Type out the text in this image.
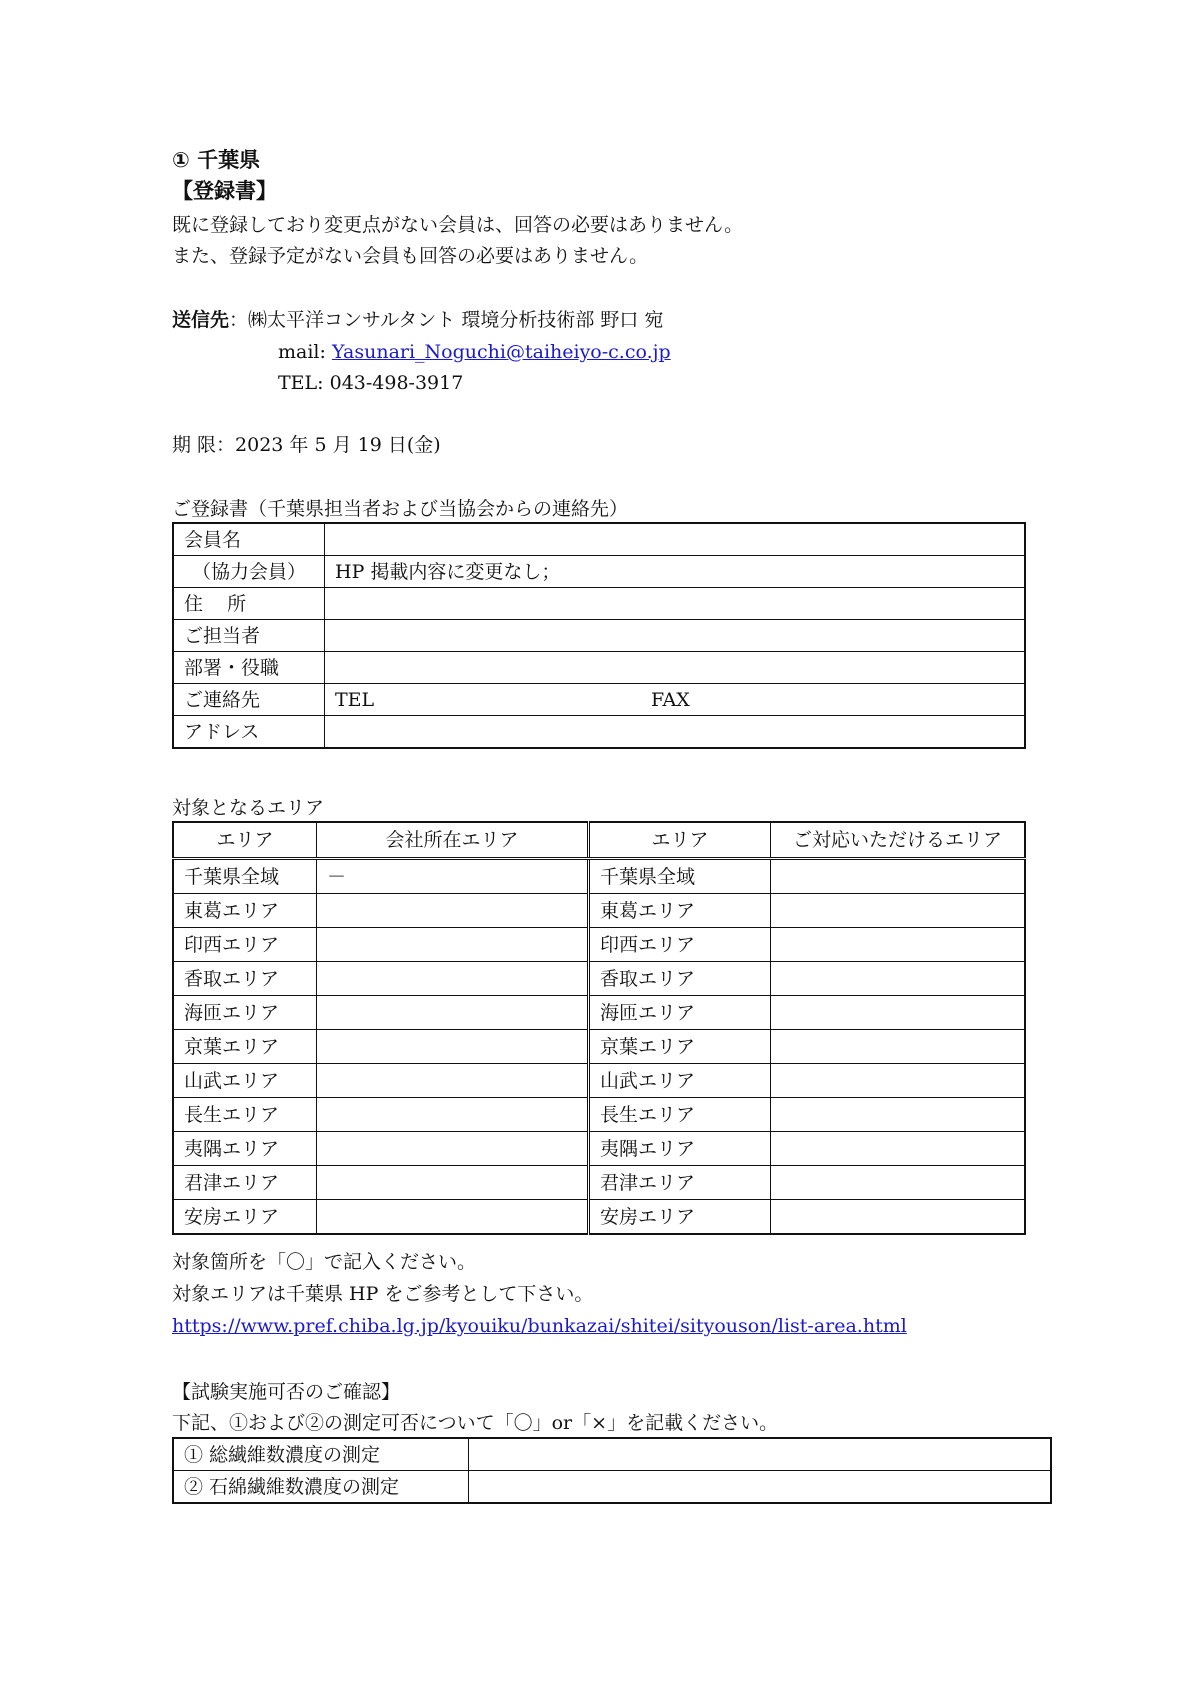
① 千葉県
【登録書】
既に登録しており変更点がない会員は、回答の必要はありません。
また、登録予定がない会員も回答の必要はありません。
送信先：㈱太平洋コンサルタント 環境分析技術部 野口 宛
mail: Yasunari_Noguchi@taiheiyo-c.co.jp
TEL: 043-498-3917
期 限：2023 年 5 月 19 日(金)
ご登録書（千葉県担当者および当協会からの連絡先）
会員名	
（協力会員）	HP 掲載内容に変更なし；
住    所	
ご担当者	
部署・役職	
ご連絡先	TEL FAX
アドレス	
対象となるエリア
エリア	会社所在エリア	エリア	ご対応いただけるエリア
千葉県全域	－	千葉県全域	
東葛エリア		東葛エリア	
印西エリア		印西エリア	
香取エリア		香取エリア	
海匝エリア		海匝エリア	
京葉エリア		京葉エリア	
山武エリア		山武エリア	
長生エリア		長生エリア	
夷隅エリア		夷隅エリア	
君津エリア		君津エリア	
安房エリア		安房エリア	
対象箇所を「〇」で記入ください。
対象エリアは千葉県 HP をご参考として下さい。
https://www.pref.chiba.lg.jp/kyouiku/bunkazai/shitei/sityouson/list-area.html
【試験実施可否のご確認】
下記、①および②の測定可否について「〇」or「×」を記載ください。
① 総繊維数濃度の測定	
② 石綿繊維数濃度の測定	
